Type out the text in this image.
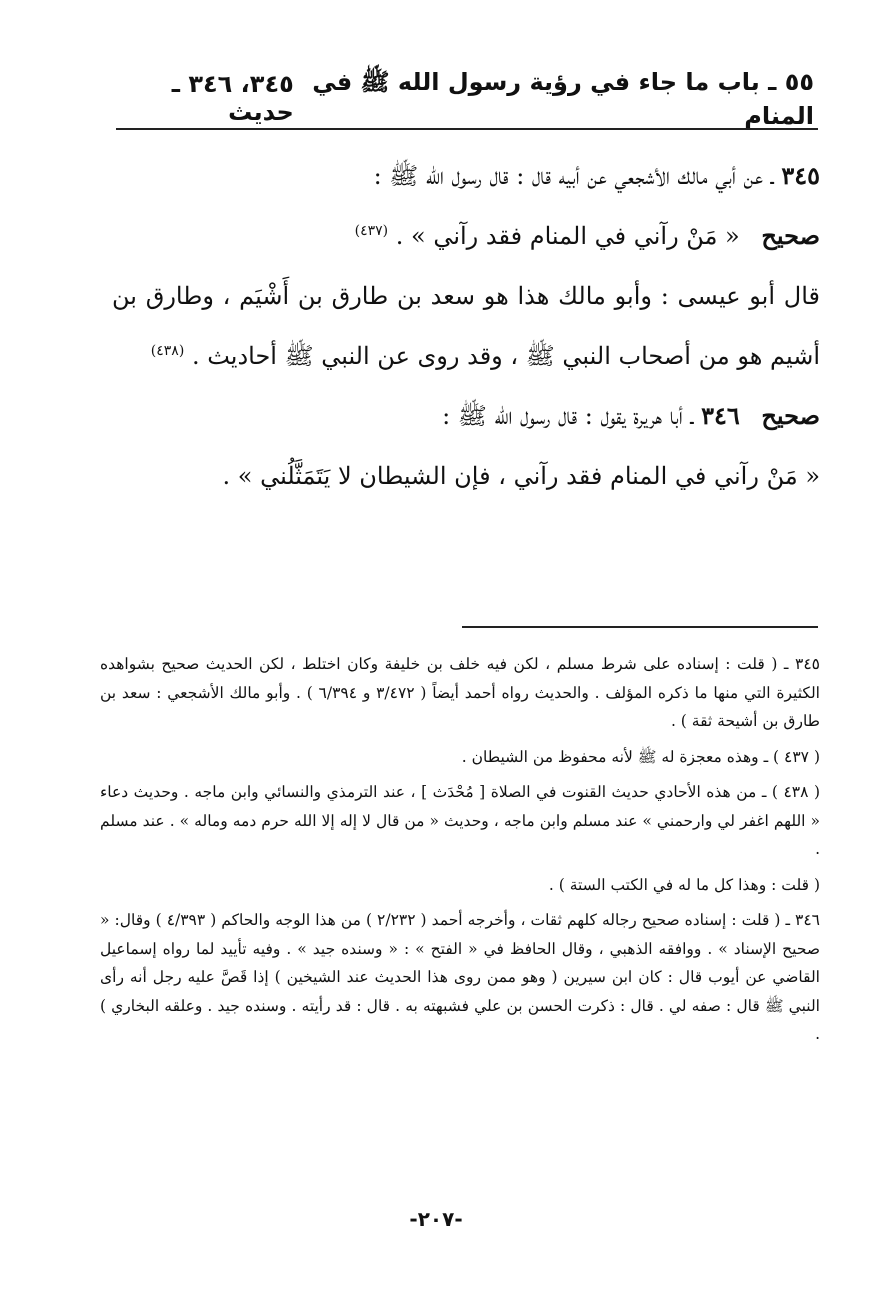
٥٥ ـ باب ما جاء في رؤية رسول الله ﷺ في المنام
٣٤٥، ٣٤٦ ـ حديث

٣٤٥ ـ عن أبي مالك الأشجعي عن أبيه قال : قال رسول الله ﷺ :

صحيح « مَنْ رآني في المنام فقد رآني » . $^{(٤٣٧)}$

قال أبو عيسى : وأبو مالك هذا هو سعد بن طارق بن أَشْيَم ، وطارق بن أشيم هو من أصحاب النبي ﷺ ، وقد روى عن النبي ﷺ أحاديث . $^{(٤٣٨)}$

صحيح ٣٤٦ ـ أبا هريرة يقول : قال رسول الله ﷺ :

« مَنْ رآني في المنام فقد رآني ، فإن الشيطان لا يَتَمَثَّلُني » .

٣٤٥ ـ ( قلت : إسناده على شرط مسلم ، لكن فيه خلف بن خليفة وكان اختلط ، لكن الحديث صحيح بشواهده الكثيرة التي منها ما ذكره المؤلف . والحديث رواه أحمد أيضاً ( ٣/٤٧٢ و ٦/٣٩٤ ) . وأبو مالك الأشجعي : سعد بن طارق بن أشيحة ثقة ) .

( ٤٣٧ ) ـ وهذه معجزة له ﷺ لأنه محفوظ من الشيطان .

( ٤٣٨ ) ـ من هذه الأحادي حديث القنوت في الصلاة [ مُحْدَث ] ، عند الترمذي والنسائي وابن ماجه . وحديث دعاء « اللهم اغفر لي وارحمني » عند مسلم وابن ماجه ، وحديث « من قال لا إله إلا الله حرم دمه وماله » . عند مسلم .

( قلت : وهذا كل ما له في الكتب الستة ) .

٣٤٦ ـ ( قلت : إسناده صحيح رجاله كلهم ثقات ، وأخرجه أحمد ( ٢/٢٣٢ ) من هذا الوجه والحاكم ( ٤/٣٩٣ ) وقال: « صحيح الإسناد » . ووافقه الذهبي ، وقال الحافظ في « الفتح » : « وسنده جيد » . وفيه تأييد لما رواه إسماعيل القاضي عن أيوب قال : كان ابن سيرين ( وهو ممن روى هذا الحديث عند الشيخين ) إذا قَصَّ عليه رجل أنه رأى النبي ﷺ قال : صفه لي . قال : ذكرت الحسن بن علي فشبهته به . قال : قد رأيته . وسنده جيد . وعلقه البخاري ) .

-٢٠٧-
